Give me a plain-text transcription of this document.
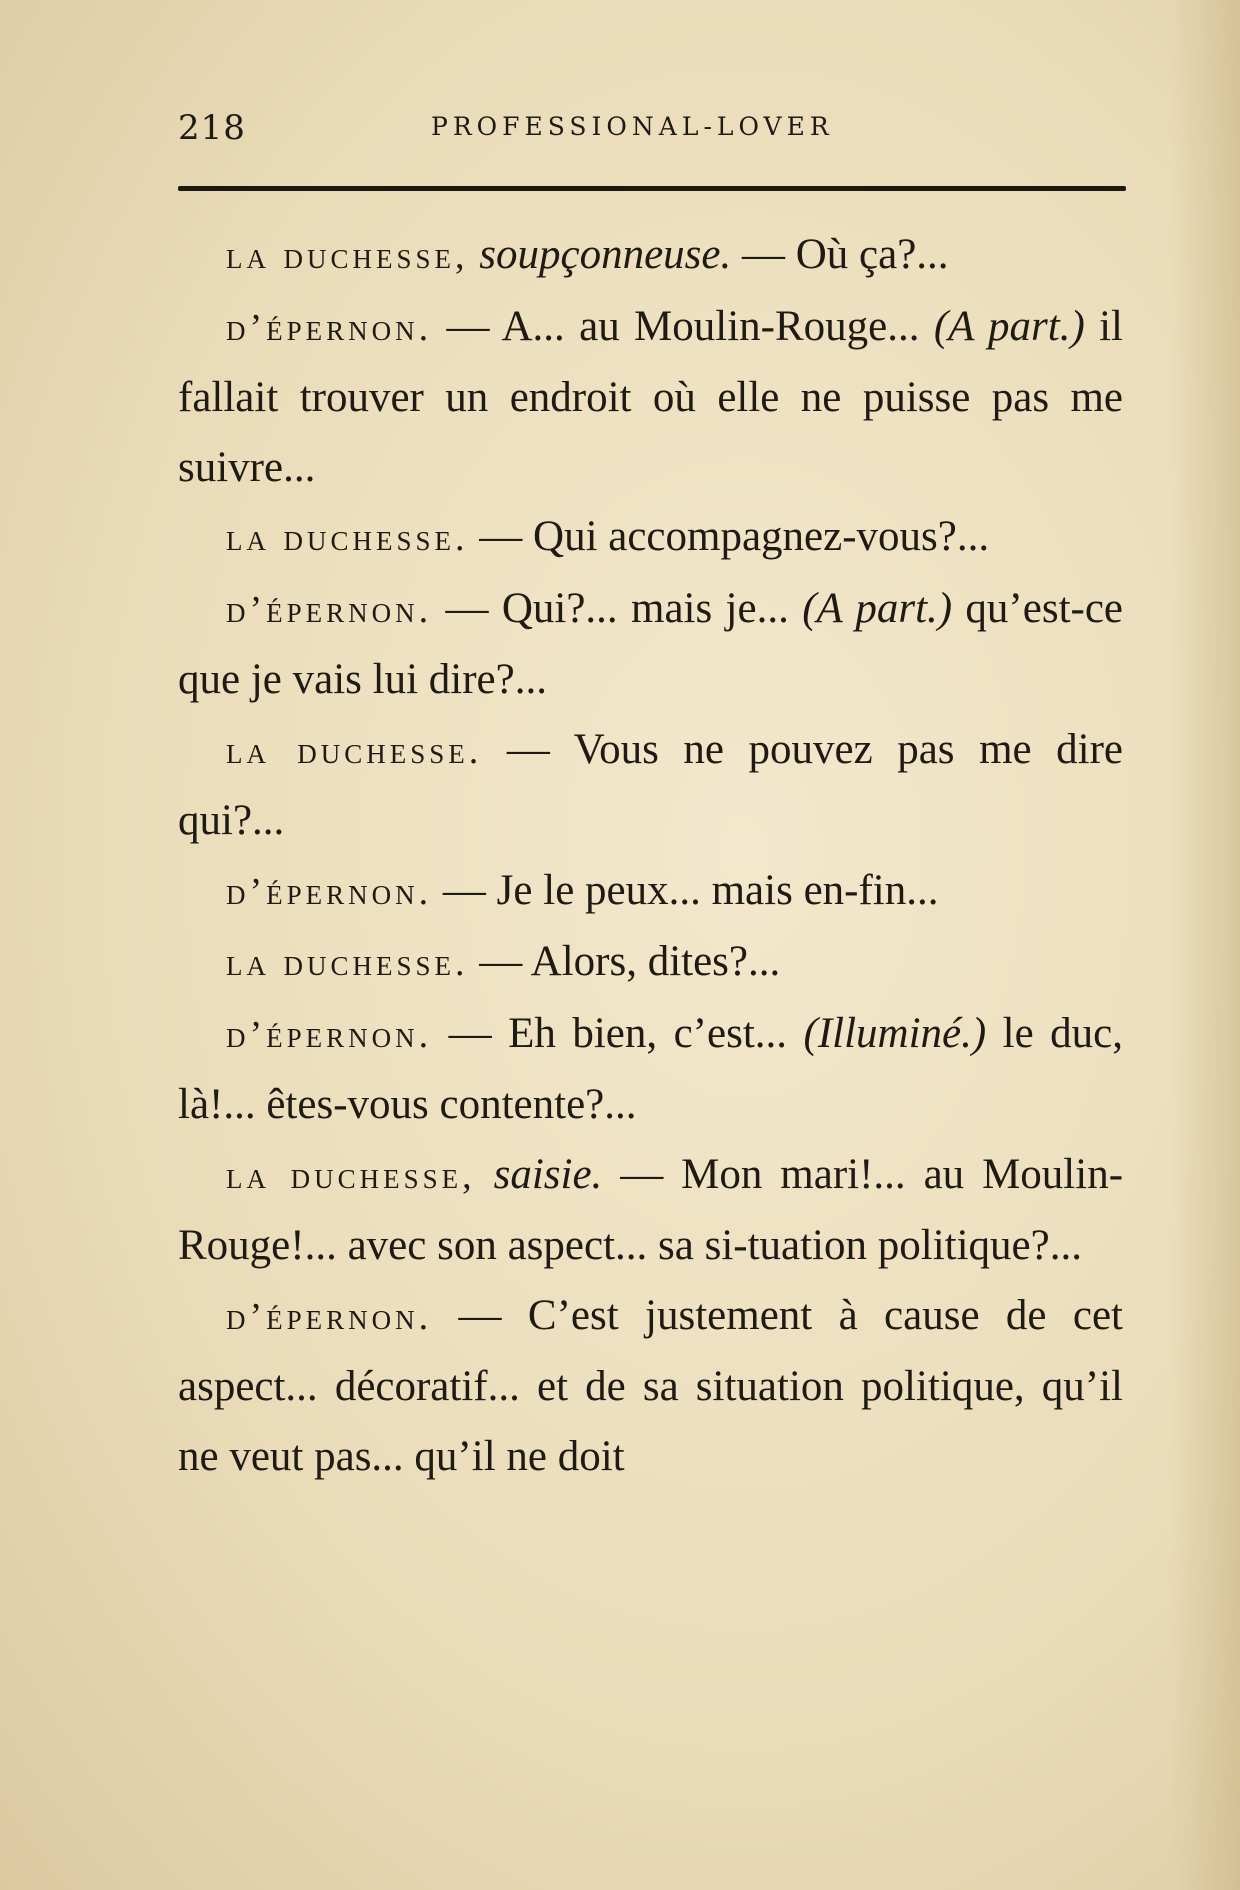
218	PROFESSIONAL-LOVER

la duchesse, soupçonneuse. — Où ça?...

d’épernon. — A... au Moulin-Rouge... (A part.) il fallait trouver un endroit où elle ne puisse pas me suivre...

la duchesse. — Qui accompagnez-vous?...

d’épernon. — Qui?... mais je... (A part.) qu’est-ce que je vais lui dire?...

la duchesse. — Vous ne pouvez pas me dire qui?...

d’épernon. — Je le peux... mais en-fin...

la duchesse. — Alors, dites?...

d’épernon. — Eh bien, c’est... (Illuminé.) le duc, là!... êtes-vous contente?...

la duchesse, saisie. — Mon mari!... au Moulin-Rouge!... avec son aspect... sa si-tuation politique?...

d’épernon. — C’est justement à cause de cet aspect... décoratif... et de sa situation politique, qu’il ne veut pas... qu’il ne doit
